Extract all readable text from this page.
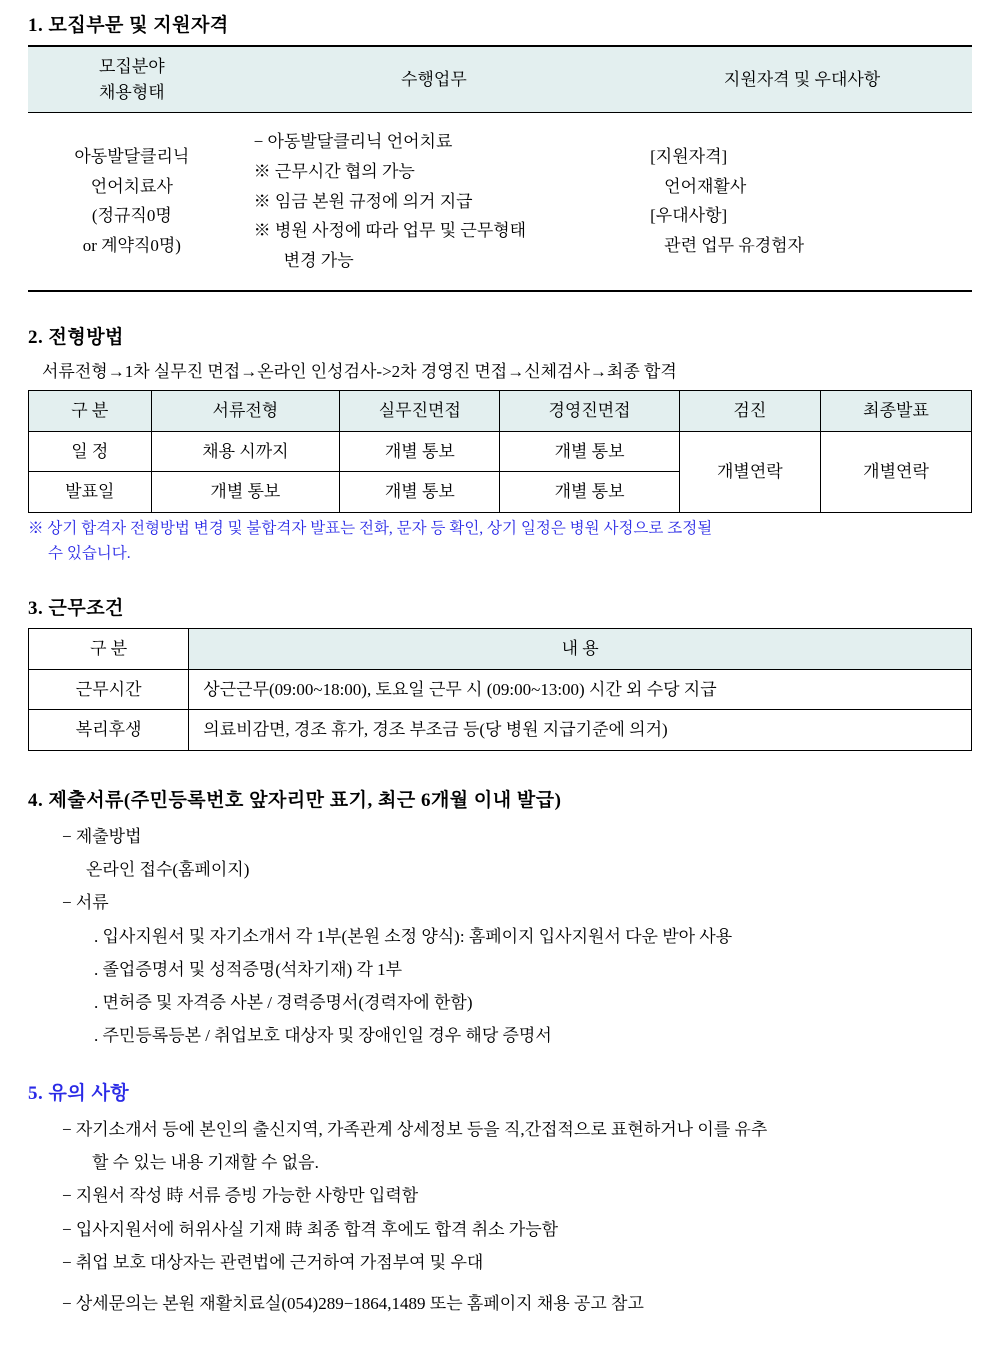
1. 모집부문 및 지원자격
모집분야
채용형태	수행업무	지원자격 및 우대사항

아동발달클리닉
언어치료사
(정규직0명
or 계약직0명)

− 아동발달클리닉 언어치료
※ 근무시간 협의 가능
※ 임금 본원 규정에 의거 지급
※ 병원 사정에 따라 업무 및 근무형태
변경 가능

[지원자격]
언어재활사
[우대사항]
관련 업무 유경험자
2. 전형방법

서류전형→1차 실무진 면접→온라인 인성검사->2차 경영진 면접→신체검사→최종 합격

구 분	서류전형	실무진면접	경영진면접	검진	최종발표
일 정	채용 시까지	개별 통보	개별 통보	개별연락	개별연락
발표일	개별 통보	개별 통보	개별 통보		

※ 상기 합격자 전형방법 변경 및 불합격자 발표는 전화, 문자 등 확인, 상기 일정은 병원 사정으로 조정될
수 있습니다.

3. 근무조건
구 분	내 용
근무시간	상근근무(09:00~18:00), 토요일 근무 시 (09:00~13:00) 시간 외 수당 지급
복리후생	의료비감면, 경조 휴가, 경조 부조금 등(당 병원 지급기준에 의거)
4. 제출서류(주민등록번호 앞자리만 표기, 최근 6개월 이내 발급)
− 제출방법
온라인 접수(홈페이지)
− 서류
. 입사지원서 및 자기소개서 각 1부(본원 소정 양식): 홈페이지 입사지원서 다운 받아 사용
. 졸업증명서 및 성적증명(석차기재) 각 1부
. 면허증 및 자격증 사본 / 경력증명서(경력자에 한함)
. 주민등록등본 / 취업보호 대상자 및 장애인일 경우 해당 증명서
5. 유의 사항
− 자기소개서 등에 본인의 출신지역, 가족관계 상세정보 등을 직,간접적으로 표현하거나 이를 유추
할 수 있는 내용 기재할 수 없음.
− 지원서 작성 時 서류 증빙 가능한 사항만 입력함
− 입사지원서에 허위사실 기재 時 최종 합격 후에도 합격 취소 가능함
− 취업 보호 대상자는 관련법에 근거하여 가점부여 및 우대
− 상세문의는 본원 재활치료실(054)289−1864,1489 또는 홈페이지 채용 공고 참고
